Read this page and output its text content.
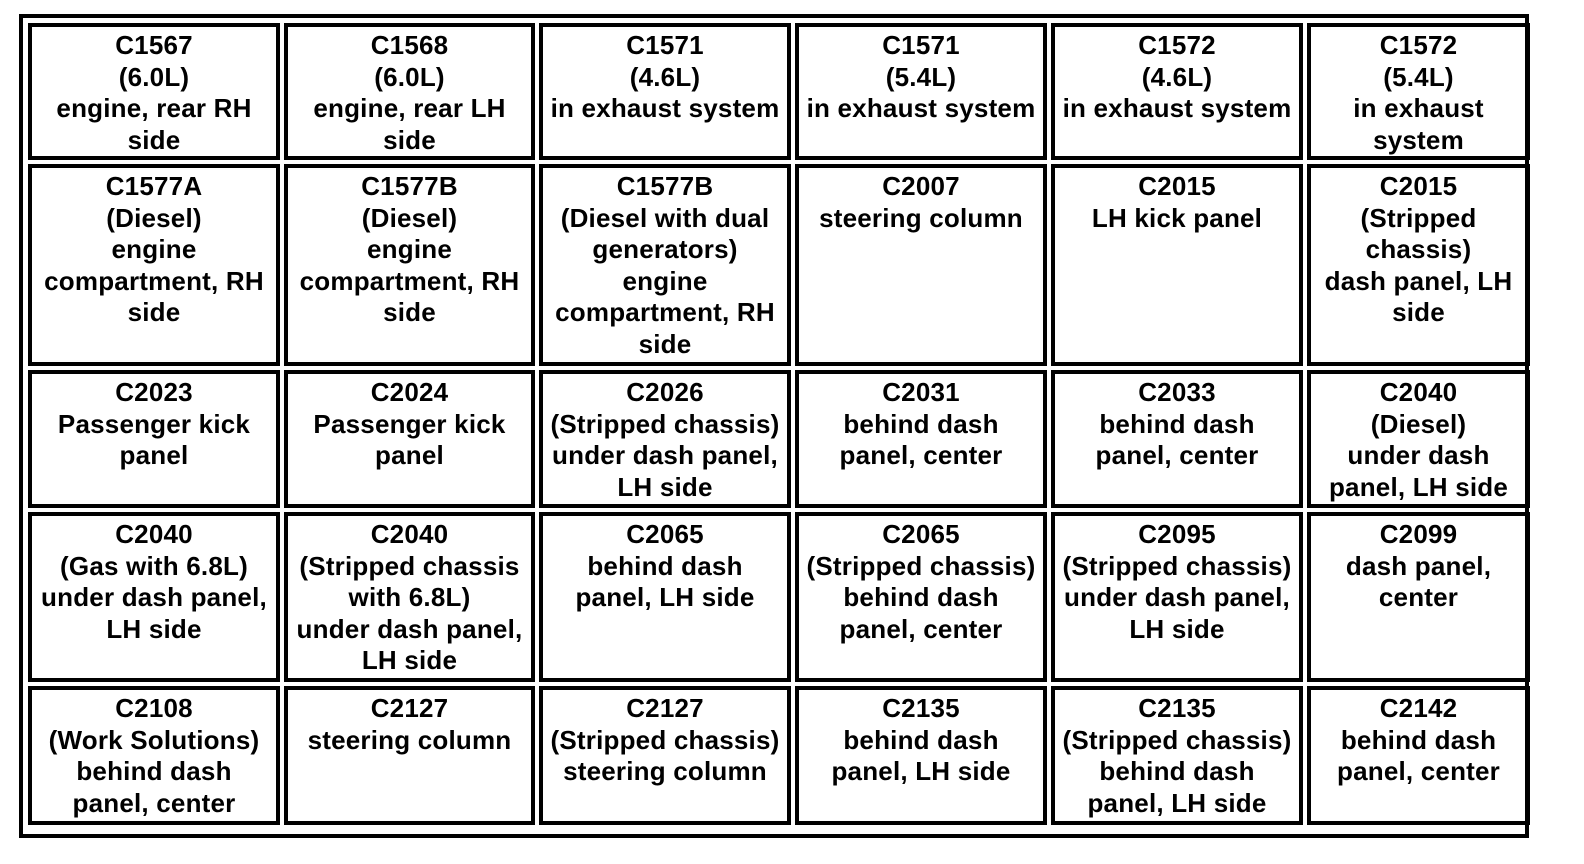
C1567
(6.0L)
engine, rear RH
side
C1568
(6.0L)
engine, rear LH
side
C1571
(4.6L)
in exhaust system
C1571
(5.4L)
in exhaust system
C1572
(4.6L)
in exhaust system
C1572
(5.4L)
in exhaust
system
C1577A
(Diesel)
engine
compartment, RH
side
C1577B
(Diesel)
engine
compartment, RH
side
C1577B
(Diesel with dual
generators)
engine
compartment, RH
side
C2007
steering column
C2015
LH kick panel
C2015
(Stripped
chassis)
dash panel, LH
side
C2023
Passenger kick
panel
C2024
Passenger kick
panel
C2026
(Stripped chassis)
under dash panel,
LH side
C2031
behind dash
panel, center
C2033
behind dash
panel, center
C2040
(Diesel)
under dash
panel, LH side
C2040
(Gas with 6.8L)
under dash panel,
LH side
C2040
(Stripped chassis
with 6.8L)
under dash panel,
LH side
C2065
behind dash
panel, LH side
C2065
(Stripped chassis)
behind dash
panel, center
C2095
(Stripped chassis)
under dash panel,
LH side
C2099
dash panel,
center
C2108
(Work Solutions)
behind dash
panel, center
C2127
steering column
C2127
(Stripped chassis)
steering column
C2135
behind dash
panel, LH side
C2135
(Stripped chassis)
behind dash
panel, LH side
C2142
behind dash
panel, center
